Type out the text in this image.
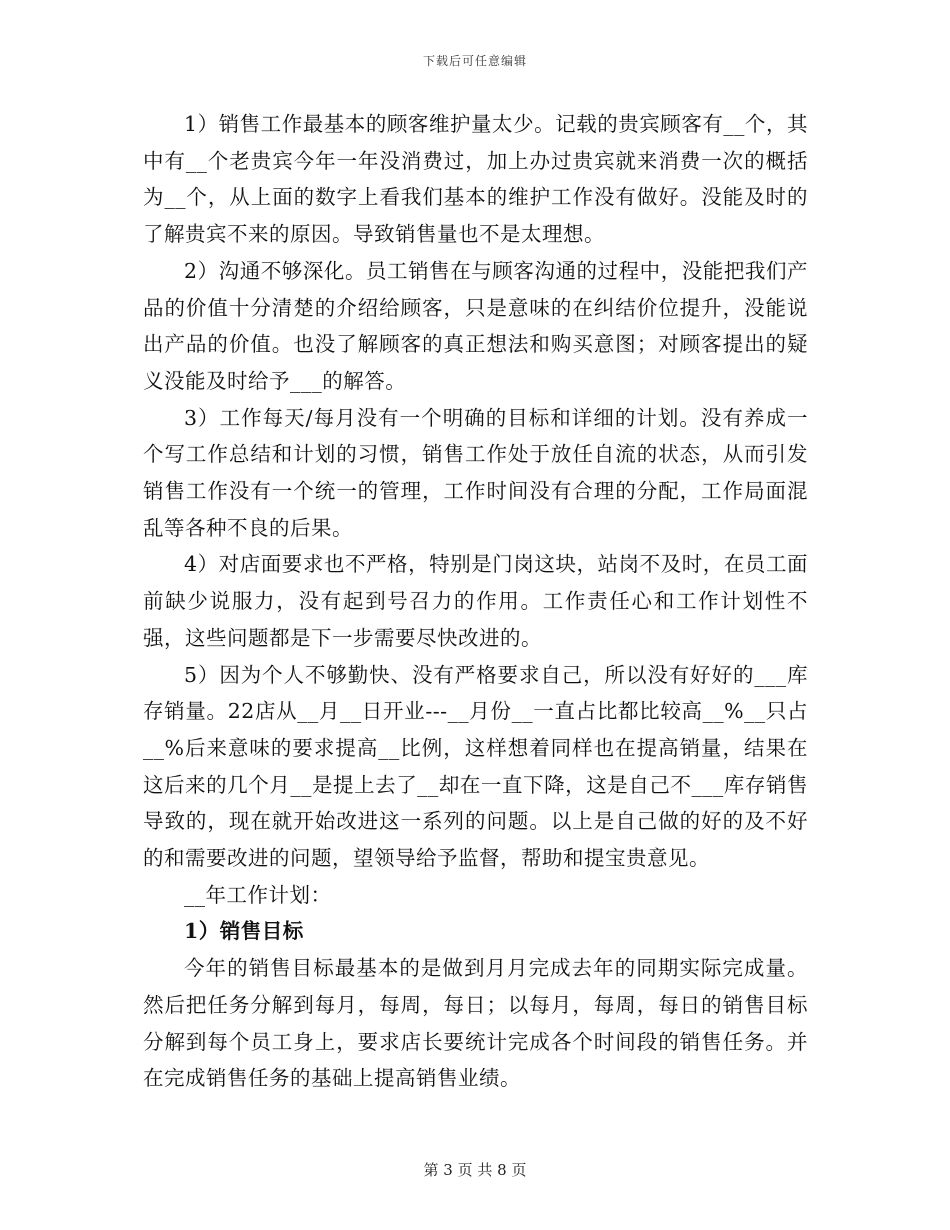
下载后可任意编辑

1）销售工作最基本的顾客维护量太少。记载的贵宾顾客有__个，其中有__个老贵宾今年一年没消费过，加上办过贵宾就来消费一次的概括为__个，从上面的数字上看我们基本的维护工作没有做好。没能及时的了解贵宾不来的原因。导致销售量也不是太理想。

2）沟通不够深化。员工销售在与顾客沟通的过程中，没能把我们产品的价值十分清楚的介绍给顾客，只是意味的在纠结价位提升，没能说出产品的价值。也没了解顾客的真正想法和购买意图；对顾客提出的疑义没能及时给予___的解答。

3）工作每天/每月没有一个明确的目标和详细的计划。没有养成一个写工作总结和计划的习惯，销售工作处于放任自流的状态，从而引发销售工作没有一个统一的管理，工作时间没有合理的分配，工作局面混乱等各种不良的后果。

4）对店面要求也不严格，特别是门岗这块，站岗不及时，在员工面前缺少说服力，没有起到号召力的作用。工作责任心和工作计划性不强，这些问题都是下一步需要尽快改进的。

5）因为个人不够勤快、没有严格要求自己，所以没有好好的___库存销量。22店从__月__日开业---__月份__一直占比都比较高__%__只占__%后来意味的要求提高__比例，这样想着同样也在提高销量，结果在这后来的几个月__是提上去了__却在一直下降，这是自己不___库存销售导致的，现在就开始改进这一系列的问题。以上是自己做的好的及不好的和需要改进的问题，望领导给予监督，帮助和提宝贵意见。

__年工作计划：

1）销售目标

今年的销售目标最基本的是做到月月完成去年的同期实际完成量。然后把任务分解到每月，每周，每日；以每月，每周，每日的销售目标分解到每个员工身上，要求店长要统计完成各个时间段的销售任务。并在完成销售任务的基础上提高销售业绩。

第 3 页 共 8 页
